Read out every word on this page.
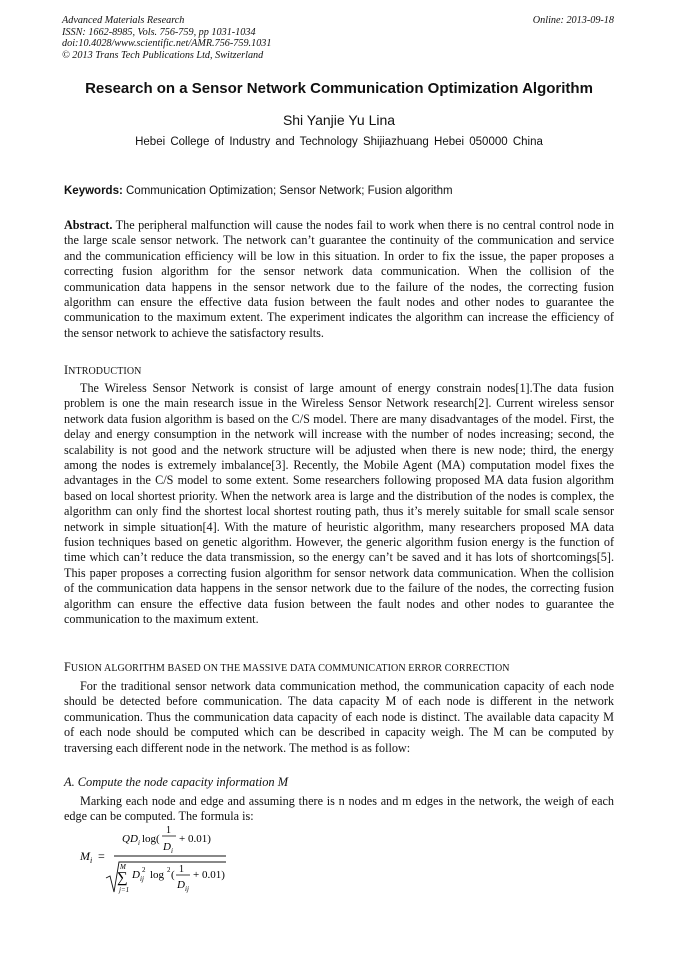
Advanced Materials Research
ISSN: 1662-8985, Vols. 756-759, pp 1031-1034
doi:10.4028/www.scientific.net/AMR.756-759.1031
© 2013 Trans Tech Publications Ltd, Switzerland
Online: 2013-09-18
Research on a Sensor Network Communication Optimization Algorithm
Shi Yanjie Yu Lina
Hebei College of Industry and Technology Shijiazhuang Hebei 050000 China
Keywords: Communication Optimization; Sensor Network; Fusion algorithm

Abstract. The peripheral malfunction will cause the nodes fail to work when there is no central control node in the large scale sensor network. The network can’t guarantee the continuity of the communication and service and the communication efficiency will be low in this situation. In order to fix the issue, the paper proposes a correcting fusion algorithm for the sensor network data communication. When the collision of the communication data happens in the sensor network due to the failure of the nodes, the correcting fusion algorithm can ensure the effective data fusion between the fault nodes and other nodes to guarantee the communication to the maximum extent. The experiment indicates the algorithm can increase the efficiency of the sensor network to achieve the satisfactory results.

INTRODUCTION

The Wireless Sensor Network is consist of large amount of energy constrain nodes[1].The data fusion problem is one the main research issue in the Wireless Sensor Network research[2]. Current wireless sensor network data fusion algorithm is based on the C/S model. There are many disadvantages of the model. First, the delay and energy consumption in the network will increase with the number of nodes increasing; second, the scalability is not good and the network structure will be adjusted when there is new node; third, the energy among the nodes is extremely imbalance[3]. Recently, the Mobile Agent (MA) computation model fixes the advantages in the C/S model to some extent. Some researchers following proposed MA data fusion algorithm based on local shortest priority. When the network area is large and the distribution of the nodes is complex, the algorithm can only find the shortest local shortest routing path, thus it’s merely suitable for small scale sensor network in simple situation[4]. With the mature of heuristic algorithm, many researchers proposed MA data fusion techniques based on genetic algorithm. However, the generic algorithm fusion energy is the function of time which can’t reduce the data transmission, so the energy can’t be saved and it has lots of shortcomings[5]. This paper proposes a correcting fusion algorithm for sensor network data communication. When the collision of the communication data happens in the sensor network due to the failure of the nodes, the correcting fusion algorithm can ensure the effective data fusion between the fault nodes and other nodes to guarantee the communication to the maximum extent.

FUSION ALGORITHM BASED ON THE MASSIVE DATA COMMUNICATION ERROR CORRECTION

For the traditional sensor network data communication method, the communication capacity of each node should be detected before communication. The data capacity M of each node is different in the network communication. Thus the communication data capacity of each node is distinct. The available data capacity M of each node should be computed which can be described in capacity weigh. The M can be computed by traversing each different node in the network. The method is as follow:

A. Compute the node capacity information M

Marking each node and edge and assuming there is n nodes and m edges in the network, the weigh of each edge can be computed. The formula is:

M i =
QD i log(
1
D i
+ 0.01)
M
∑
j=1
D ij
2 log 2 ( 1
D ij
+ 0.01)
